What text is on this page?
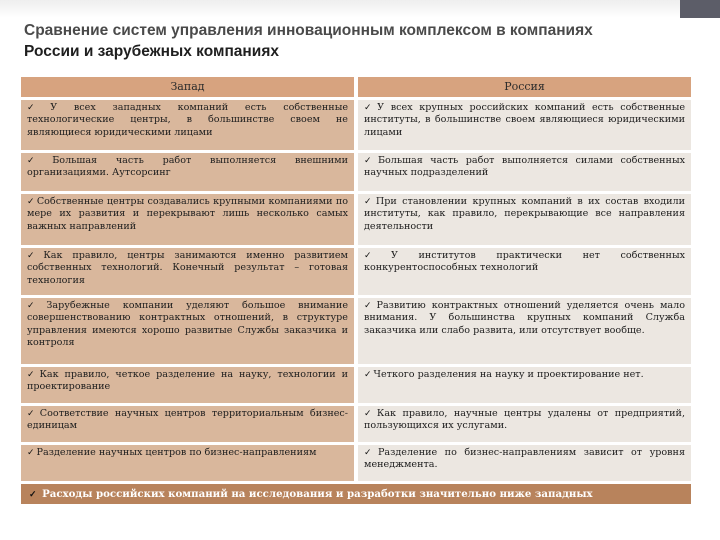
Сравнение систем управления инновационным комплексом в компаниях
России и зарубежных компаниях
Запад	Россия
✓ У всех западных компаний есть собственные технологические центры, в большинстве своем не являющиеся юридическими лицами
✓ У всех крупных российских компаний есть собственные институты, в большинстве своем являющиеся юридическими лицами
✓ Большая часть работ выполняется внешними организациями. Аутсорсинг
✓ Большая часть работ выполняется силами собственных научных подразделений
✓ Собственные центры создавались крупными компаниями по мере их развития и перекрывают лишь несколько самых важных направлений
✓ При становлении крупных компаний в их состав входили институты, как правило, перекрывающие все направления деятельности
✓ Как правило, центры занимаются именно развитием собственных технологий. Конечный результат – готовая технология
✓ У институтов практически нет собственных конкурентоспособных технологий
✓ Зарубежные компании уделяют большое внимание совершенствованию контрактных отношений, в структуре управления имеются хорошо развитые Службы заказчика и контроля
✓ Развитию контрактных отношений уделяется очень мало внимания. У большинства крупных компаний Служба заказчика или слабо развита, или отсутствует вообще.
✓ Как правило, четкое разделение на науку, технологии и проектирование
✓ Четкого разделения на науку и проектирование нет.
✓ Соответствие научных центров территориальным бизнес-единицам
✓ Как правило, научные центры удалены от предприятий, пользующихся их услугами.
✓ Разделение научных центров по бизнес-направлениям	✓ Разделение по бизнес-направлениям зависит от уровня менеджмента.
✓ Расходы российских компаний на исследования и разработки значительно ниже западных
